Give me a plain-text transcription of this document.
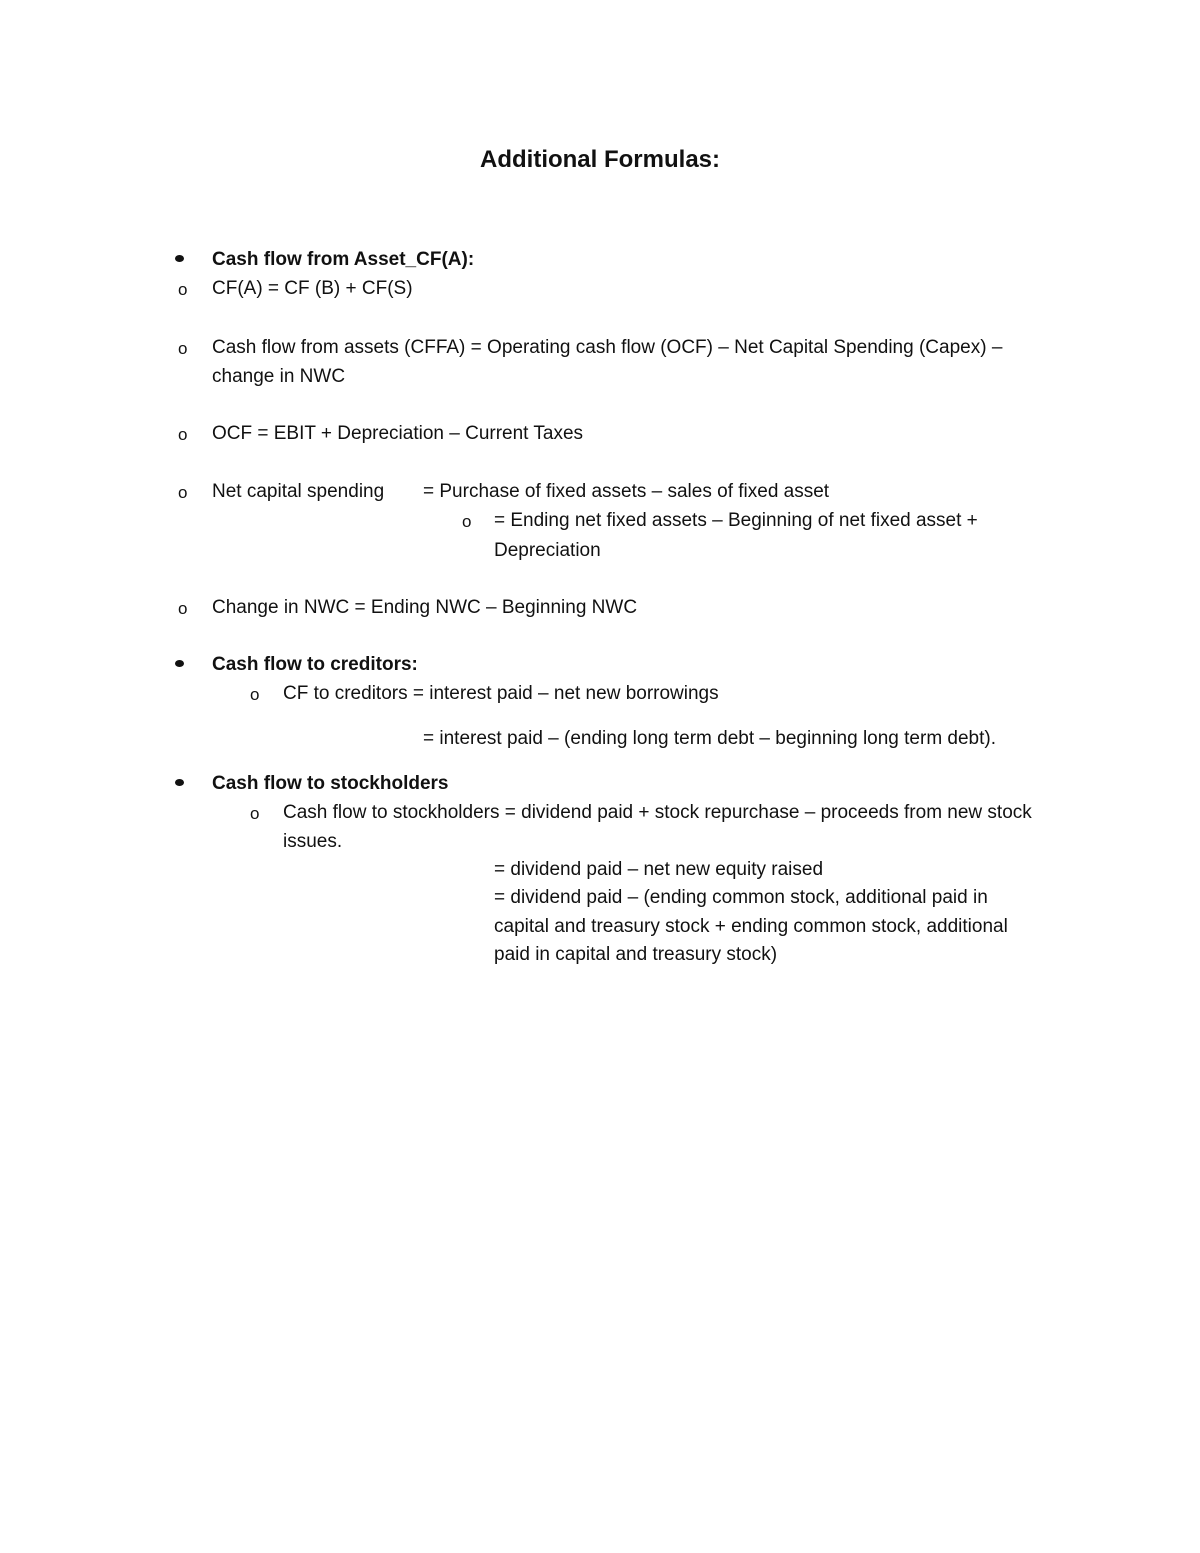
Additional Formulas:
Cash flow from Asset_CF(A):
o CF(A) = CF (B) + CF(S)
o Cash flow from assets (CFFA) = Operating cash flow (OCF) – Net Capital Spending (Capex) –
change in NWC
o OCF = EBIT + Depreciation – Current Taxes
o Net capital spending = Purchase of fixed assets – sales of fixed asset
o = Ending net fixed assets – Beginning of net fixed asset +
Depreciation
o Change in NWC = Ending NWC – Beginning NWC
Cash flow to creditors:
o CF to creditors = interest paid – net new borrowings
= interest paid – (ending long term debt – beginning long term debt).
Cash flow to stockholders
o Cash flow to stockholders = dividend paid + stock repurchase – proceeds from new stock
issues.
= dividend paid – net new equity raised
= dividend paid – (ending common stock, additional paid in
capital and treasury stock + ending common stock, additional
paid in capital and treasury stock)
